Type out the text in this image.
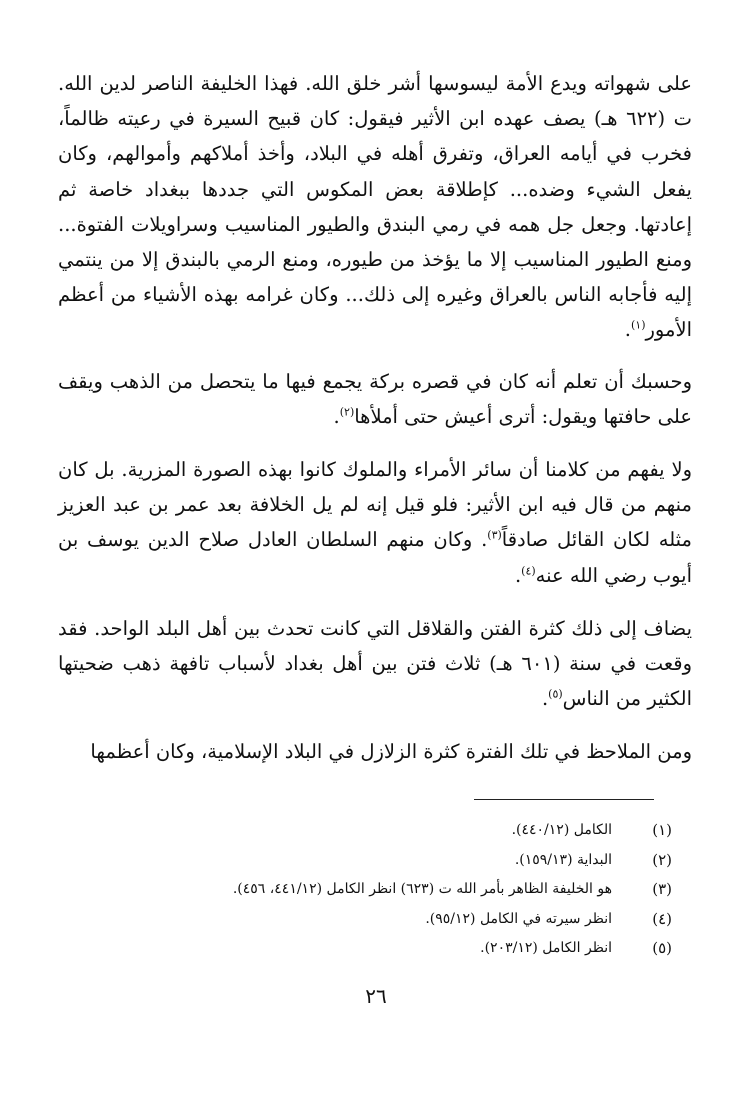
على شهواته ويدع الأمة ليسوسها أشر خلق الله. فهذا الخليفة الناصر لدين الله. ت (٦٢٢ هـ) يصف عهده ابن الأثير فيقول: كان قبيح السيرة في رعيته ظالماً، فخرب في أيامه العراق، وتفرق أهله في البلاد، وأخذ أملاكهم وأموالهم، وكان يفعل الشيء وضده... كإطلاقة بعض المكوس التي جددها ببغداد خاصة ثم إعادتها. وجعل جل همه في رمي البندق والطيور المناسيب وسراويلات الفتوة... ومنع الطيور المناسيب إلا ما يؤخذ من طيوره، ومنع الرمي بالبندق إلا من ينتمي إليه فأجابه الناس بالعراق وغيره إلى ذلك... وكان غرامه بهذه الأشياء من أعظم الأمور$^{(١)}$.

وحسبك أن تعلم أنه كان في قصره بركة يجمع فيها ما يتحصل من الذهب ويقف على حافتها ويقول: أترى أعيش حتى أملأها$^{(٢)}$.

ولا يفهم من كلامنا أن سائر الأمراء والملوك كانوا بهذه الصورة المزرية. بل كان منهم من قال فيه ابن الأثير: فلو قيل إنه لم يل الخلافة بعد عمر بن عبد العزيز مثله لكان القائل صادقاً$^{(٣)}$. وكان منهم السلطان العادل صلاح الدين يوسف بن أيوب رضي الله عنه$^{(٤)}$.

يضاف إلى ذلك كثرة الفتن والقلاقل التي كانت تحدث بين أهل البلد الواحد. فقد وقعت في سنة (٦٠١ هـ) ثلاث فتن بين أهل بغداد لأسباب تافهة ذهب ضحيتها الكثير من الناس$^{(٥)}$.

ومن الملاحظ في تلك الفترة كثرة الزلازل في البلاد الإسلامية، وكان أعظمها

(١)
الكامل (٤٤٠/١٢).
(٢)
البداية (١٥٩/١٣).
(٣)
هو الخليفة الظاهر بأمر الله ت (٦٢٣) انظر الكامل (٤٤١/١٢، ٤٥٦).
(٤)
انظر سيرته في الكامل (٩٥/١٢).
(٥)
انظر الكامل (٢٠٣/١٢).
٢٦
